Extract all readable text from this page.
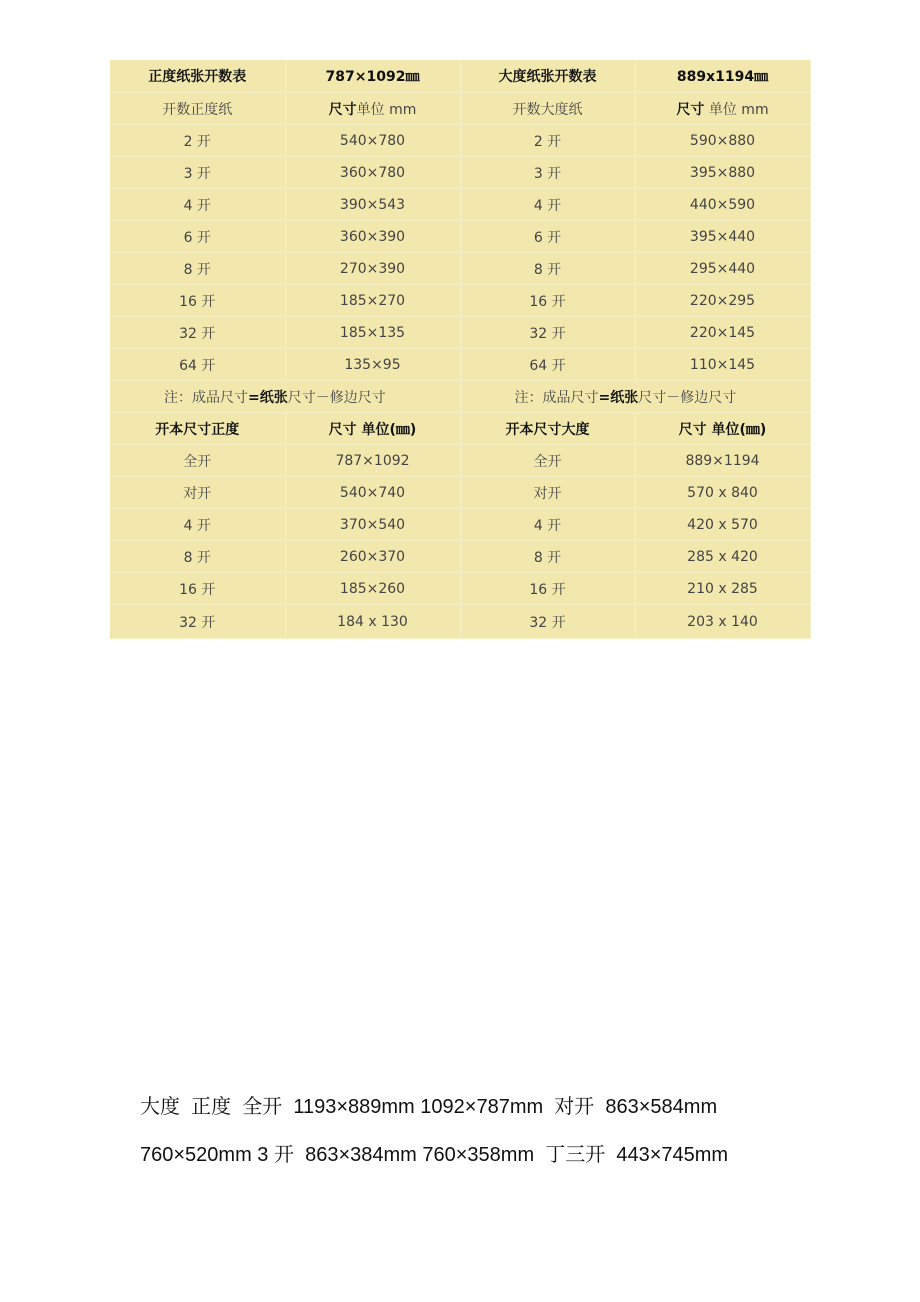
正度纸张开数表	787×1092㎜	大度纸张开数表	889x1194㎜
开数正度纸	尺寸单位 mm	开数大度纸	尺寸 单位 mm
2 开	540×780	2 开	590×880
3 开	360×780	3 开	395×880
4 开	390×543	4 开	440×590
6 开	360×390	6 开	395×440
8 开	270×390	8 开	295×440
16 开	185×270	16 开	220×295
32 开	185×135	32 开	220×145
64 开	135×95	64 开	110×145
注：成品尺寸=纸张尺寸－修边尺寸		注：成品尺寸=纸张尺寸－修边尺寸	
开本尺寸正度	尺寸 单位(㎜)	开本尺寸大度	尺寸 单位(㎜)
全开	787×1092	全开	889×1194
对开	540×740	对开	570 x 840
4 开	370×540	4 开	420 x 570
8 开	260×370	8 开	285 x 420
16 开	185×260	16 开	210 x 285
32 开	184 x 130	32 开	203 x 140
大度  正度  全开  1193×889mm 1092×787mm  对开  863×584mm
760×520mm 3 开  863×384mm 760×358mm  丁三开  443×745mm
